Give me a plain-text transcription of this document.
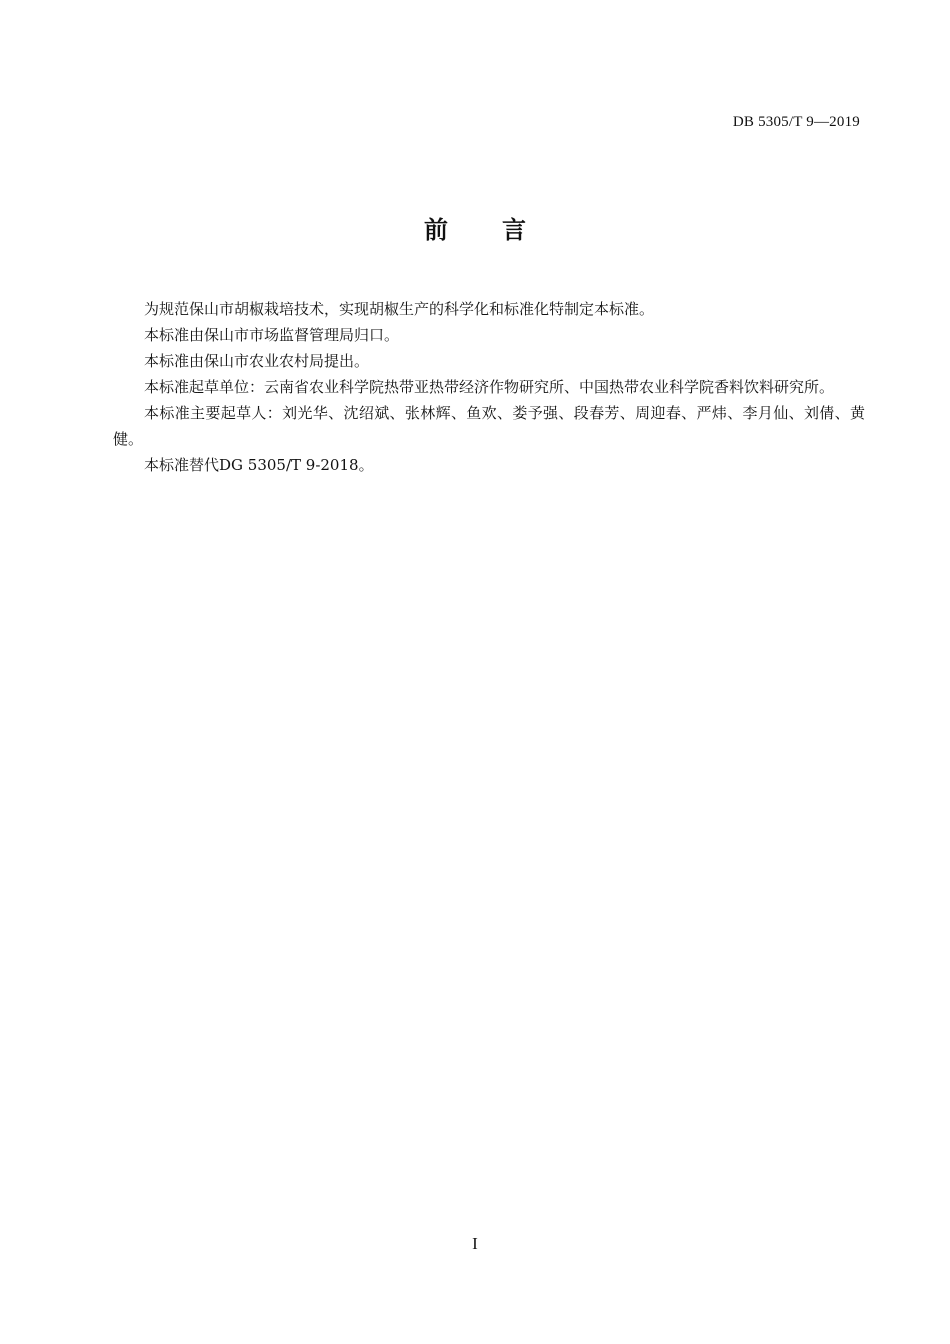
DB 5305/T 9—2019
前 言

为规范保山市胡椒栽培技术，实现胡椒生产的科学化和标准化特制定本标准。

本标准由保山市市场监督管理局归口。

本标准由保山市农业农村局提出。

本标准起草单位：云南省农业科学院热带亚热带经济作物研究所、中国热带农业科学院香料饮料研究所。

本标准主要起草人：刘光华、沈绍斌、张林辉、鱼欢、娄予强、段春芳、周迎春、严炜、李月仙、刘倩、黄健。

本标准替代DG 5305/T 9-2018。

I
